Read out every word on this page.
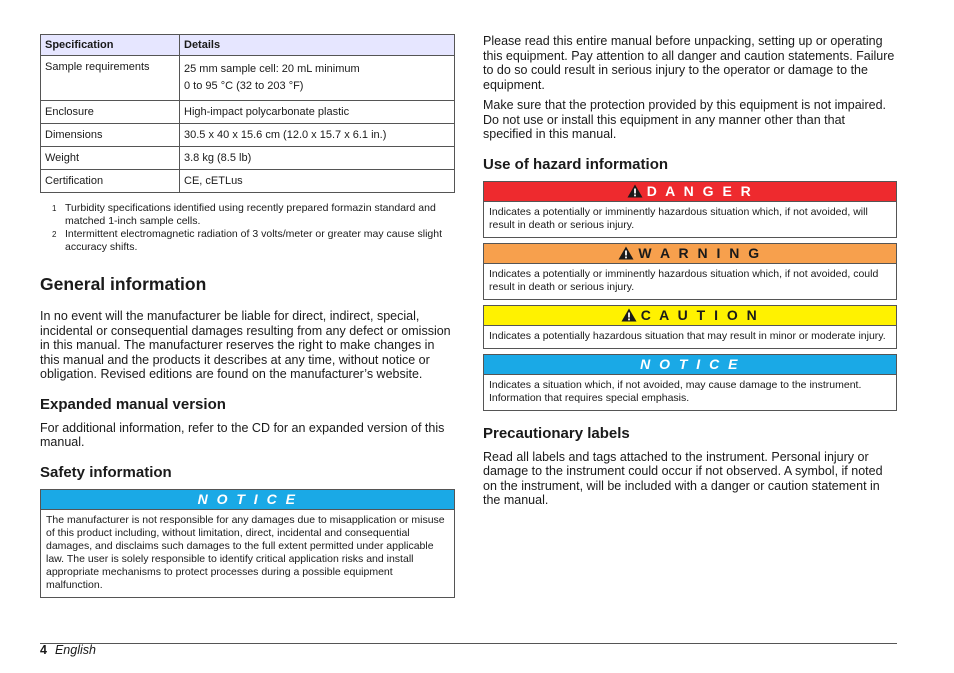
Specification	Details
Sample requirements	25 mm sample cell: 20 mL minimum
0 to 95 °C (32 to 203 °F)

Enclosure	High-impact polycarbonate plastic
Dimensions	30.5 x 40 x 15.6 cm (12.0 x 15.7 x 6.1 in.)
Weight	3.8 kg (8.5 lb)
Certification	CE, cETLus
1 Turbidity specifications identified using recently prepared formazin standard and matched 1-inch sample cells.
2 Intermittent electromagnetic radiation of 3 volts/meter or greater may cause slight accuracy shifts.
General information

In no event will the manufacturer be liable for direct, indirect, special, incidental or consequential damages resulting from any defect or omission in this manual. The manufacturer reserves the right to make changes in this manual and the products it describes at any time, without notice or obligation. Revised editions are found on the manufacturer’s website.

Expanded manual version

For additional information, refer to the CD for an expanded version of this manual.

Safety information
N O T I C E
The manufacturer is not responsible for any damages due to misapplication or misuse of this product including, without limitation, direct, incidental and consequential damages, and disclaims such damages to the full extent permitted under applicable law. The user is solely responsible to identify critical application risks and install appropriate mechanisms to protect processes during a possible equipment malfunction.

Please read this entire manual before unpacking, setting up or operating this equipment. Pay attention to all danger and caution statements. Failure to do so could result in serious injury to the operator or damage to the equipment.

Make sure that the protection provided by this equipment is not impaired. Do not use or install this equipment in any manner other than that specified in this manual.

Use of hazard information
D A N G E R
Indicates a potentially or imminently hazardous situation which, if not avoided, will result in death or serious injury.
W A R N I N G
Indicates a potentially or imminently hazardous situation which, if not avoided, could result in death or serious injury.
C A U T I O N
Indicates a potentially hazardous situation that may result in minor or moderate injury.
N O T I C E
Indicates a situation which, if not avoided, may cause damage to the instrument. Information that requires special emphasis.
Precautionary labels

Read all labels and tags attached to the instrument. Personal injury or damage to the instrument could occur if not observed. A symbol, if noted on the instrument, will be included with a danger or caution statement in the manual.

4 English
